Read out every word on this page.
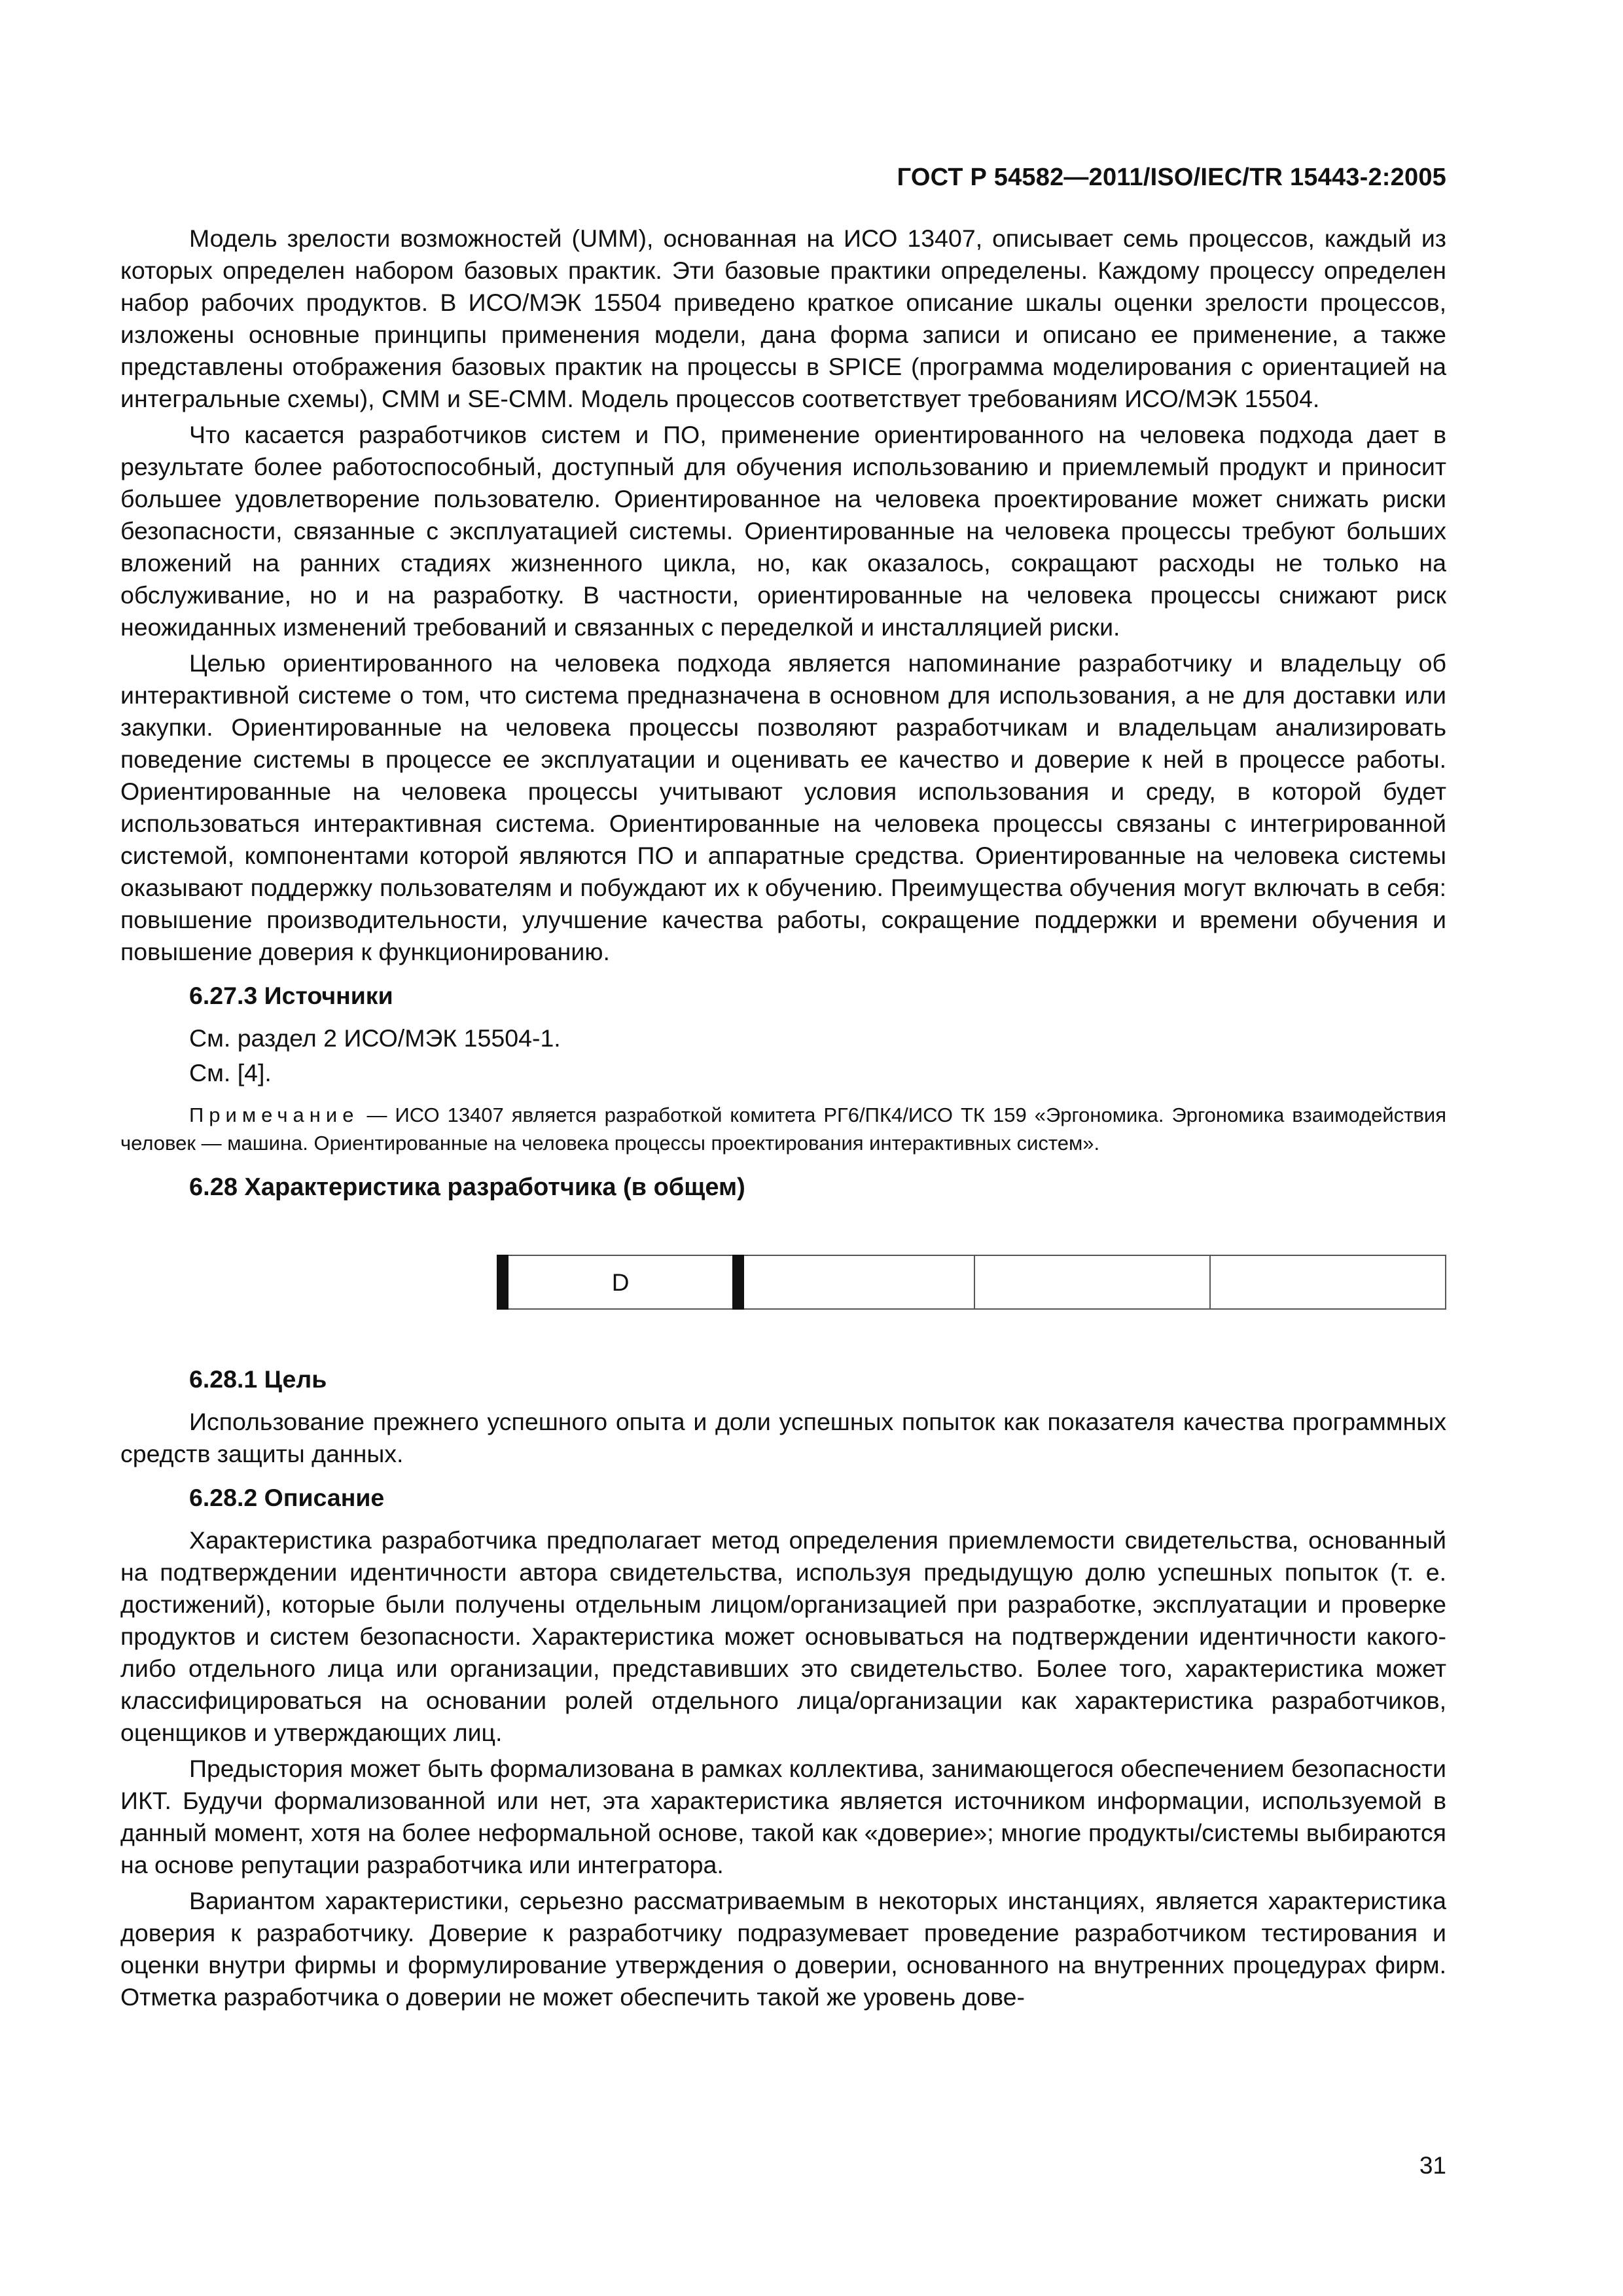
ГОСТ Р 54582—2011/ISO/IEC/TR 15443-2:2005

Модель зрелости возможностей (UMM), основанная на ИСО 13407, описывает семь процессов, каждый из которых определен набором базовых практик. Эти базовые практики определены. Каждому процессу определен набор рабочих продуктов. В ИСО/МЭК 15504 приведено краткое описание шкалы оценки зрелости процессов, изложены основные принципы применения модели, дана форма записи и описано ее применение, а также представлены отображения базовых практик на процессы в SPICE (программа моделирования с ориентацией на интегральные схемы), CMM и SE-CMM. Модель процессов соответствует требованиям ИСО/МЭК 15504.

Что касается разработчиков систем и ПО, применение ориентированного на человека подхода дает в результате более работоспособный, доступный для обучения использованию и приемлемый продукт и приносит большее удовлетворение пользователю. Ориентированное на человека проектирование может снижать риски безопасности, связанные с эксплуатацией системы. Ориентированные на человека процессы требуют больших вложений на ранних стадиях жизненного цикла, но, как оказалось, сокращают расходы не только на обслуживание, но и на разработку. В частности, ориентированные на человека процессы снижают риск неожиданных изменений требований и связанных с переделкой и инсталляцией риски.

Целью ориентированного на человека подхода является напоминание разработчику и владельцу об интерактивной системе о том, что система предназначена в основном для использования, а не для доставки или закупки. Ориентированные на человека процессы позволяют разработчикам и владельцам анализировать поведение системы в процессе ее эксплуатации и оценивать ее качество и доверие к ней в процессе работы. Ориентированные на человека процессы учитывают условия использования и среду, в которой будет использоваться интерактивная система. Ориентированные на человека процессы связаны с интегрированной системой, компонентами которой являются ПО и аппаратные средства. Ориентированные на человека системы оказывают поддержку пользователям и побуждают их к обучению. Преимущества обучения могут включать в себя: повышение производительности, улучшение качества работы, сокращение поддержки и времени обучения и повышение доверия к функционированию.

6.27.3 Источники

См. раздел 2 ИСО/МЭК 15504-1.

См. [4].

Примечание — ИСО 13407 является разработкой комитета РГ6/ПК4/ИСО ТК 159 «Эргономика. Эргономика взаимодействия человек — машина. Ориентированные на человека процессы проектирования интерактивных систем».
6.28 Характеристика разработчика (в общем)
D			
6.28.1 Цель

Использование прежнего успешного опыта и доли успешных попыток как показателя качества программных средств защиты данных.

6.28.2 Описание

Характеристика разработчика предполагает метод определения приемлемости свидетельства, основанный на подтверждении идентичности автора свидетельства, используя предыдущую долю успешных попыток (т. е. достижений), которые были получены отдельным лицом/организацией при разработке, эксплуатации и проверке продуктов и систем безопасности. Характеристика может основываться на подтверждении идентичности какого-либо отдельного лица или организации, представивших это свидетельство. Более того, характеристика может классифицироваться на основании ролей отдельного лица/организации как характеристика разработчиков, оценщиков и утверждающих лиц.

Предыстория может быть формализована в рамках коллектива, занимающегося обеспечением безопасности ИКТ. Будучи формализованной или нет, эта характеристика является источником информации, используемой в данный момент, хотя на более неформальной основе, такой как «доверие»; многие продукты/системы выбираются на основе репутации разработчика или интегратора.

Вариантом характеристики, серьезно рассматриваемым в некоторых инстанциях, является характеристика доверия к разработчику. Доверие к разработчику подразумевает проведение разработчиком тестирования и оценки внутри фирмы и формулирование утверждения о доверии, основанного на внутренних процедурах фирм. Отметка разработчика о доверии не может обеспечить такой же уровень дове-

31
